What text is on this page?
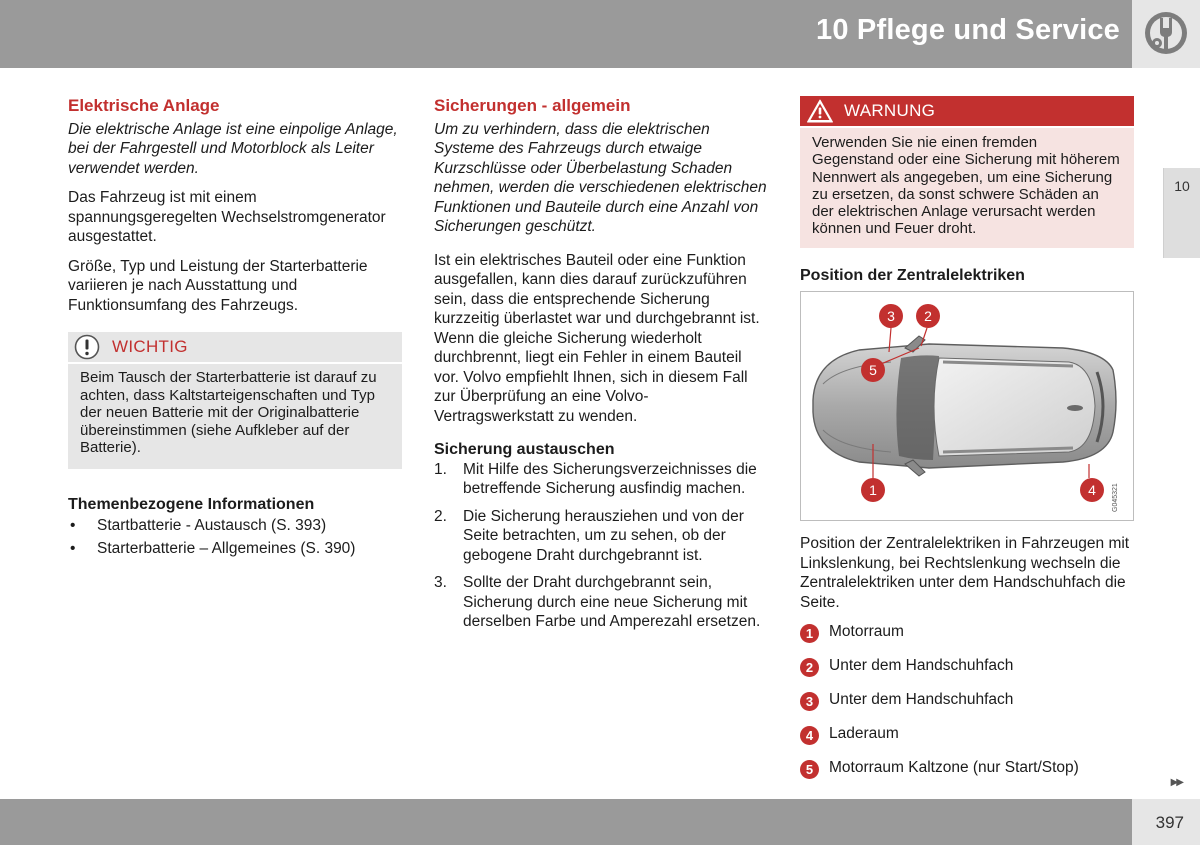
10 Pflege und Service
10
Elektrische Anlage

Die elektrische Anlage ist eine einpolige Anlage, bei der Fahrgestell und Motorblock als Leiter verwendet werden.

Das Fahrzeug ist mit einem spannungsgeregelten Wechselstromgenerator ausgestattet.

Größe, Typ und Leistung der Starterbatterie variieren je nach Ausstattung und Funktionsumfang des Fahrzeugs.

WICHTIG
Beim Tausch der Starterbatterie ist darauf zu achten, dass Kaltstarteigenschaften und Typ der neuen Batterie mit der Originalbatterie übereinstimmen (siehe Aufkleber auf der Batterie).
Themenbezogene Informationen
• Startbatterie - Austausch (S. 393)
• Starterbatterie – Allgemeines (S. 390)
Sicherungen - allgemein

Um zu verhindern, dass die elektrischen Systeme des Fahrzeugs durch etwaige Kurzschlüsse oder Überbelastung Schaden nehmen, werden die verschiedenen elektrischen Funktionen und Bauteile durch eine Anzahl von Sicherungen geschützt.

Ist ein elektrisches Bauteil oder eine Funktion ausgefallen, kann dies darauf zurückzuführen sein, dass die entsprechende Sicherung kurzzeitig überlastet war und durchgebrannt ist. Wenn die gleiche Sicherung wiederholt durchbrennt, liegt ein Fehler in einem Bauteil vor. Volvo empfiehlt Ihnen, sich in diesem Fall zur Überprüfung an eine Volvo-Vertragswerkstatt zu wenden.

Sicherung austauschen
1.	Mit Hilfe des Sicherungsverzeichnisses die betreffende Sicherung ausfindig machen.
2.	Die Sicherung herausziehen und von der Seite betrachten, um zu sehen, ob der gebogene Draht durchgebrannt ist.
3.	Sollte der Draht durchgebrannt sein, Sicherung durch eine neue Sicherung mit derselben Farbe und Amperezahl ersetzen.
WARNUNG
Verwenden Sie nie einen fremden Gegenstand oder eine Sicherung mit höherem Nennwert als angegeben, um eine Sicherung zu ersetzen, da sonst schwere Schäden an der elektrischen Anlage verursacht werden können und Feuer droht.
Position der Zentralelektriken
1
2
3
4
5
G045321

Position der Zentralelektriken in Fahrzeugen mit Linkslenkung, bei Rechtslenkung wechseln die Zentralelektriken unter dem Handschuhfach die Seite.

1	Motorraum
2	Unter dem Handschuhfach
3	Unter dem Handschuhfach
4	Laderaum
5	Motorraum Kaltzone (nur Start/Stop)
▶▶
397
